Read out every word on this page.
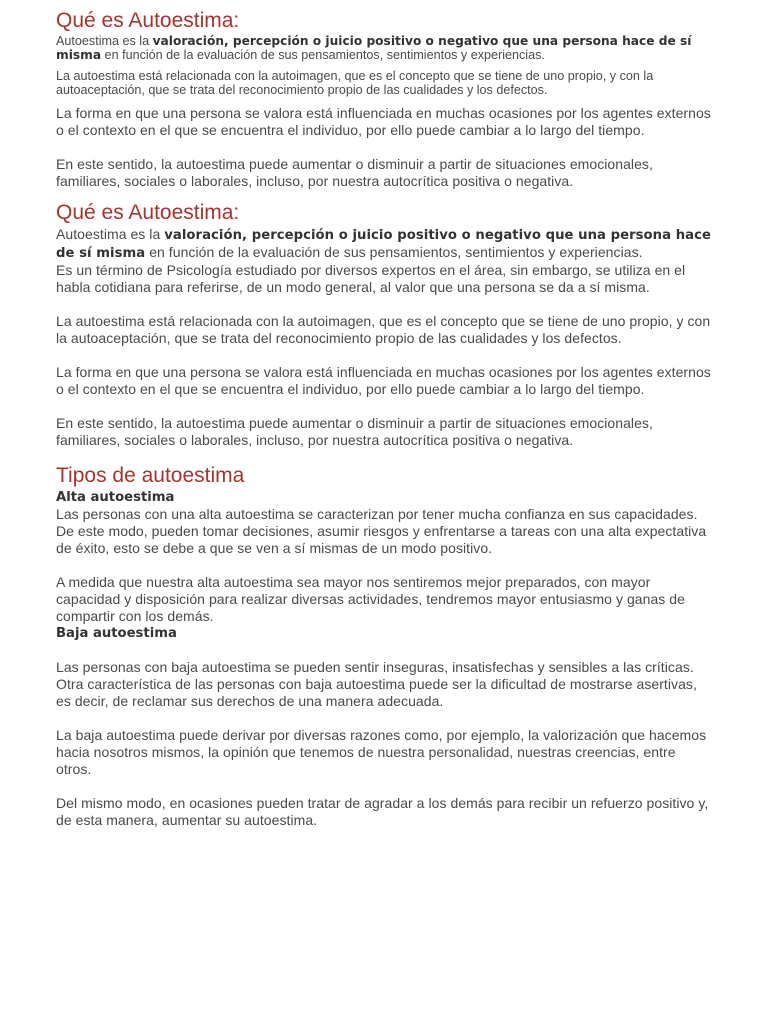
Qué es Autoestima:

Autoestima es la valoración, percepción o juicio positivo o negativo que una persona hace de sí misma en función de la evaluación de sus pensamientos, sentimientos y experiencias.

La autoestima está relacionada con la autoimagen, que es el concepto que se tiene de uno propio, y con la autoaceptación, que se trata del reconocimiento propio de las cualidades y los defectos.

La forma en que una persona se valora está influenciada en muchas ocasiones por los agentes externos o el contexto en el que se encuentra el individuo, por ello puede cambiar a lo largo del tiempo.

En este sentido, la autoestima puede aumentar o disminuir a partir de situaciones emocionales, familiares, sociales o laborales, incluso, por nuestra autocrítica positiva o negativa.

Qué es Autoestima:

Autoestima es la valoración, percepción o juicio positivo o negativo que una persona hace de sí misma en función de la evaluación de sus pensamientos, sentimientos y experiencias.

Es un término de Psicología estudiado por diversos expertos en el área, sin embargo, se utiliza en el habla cotidiana para referirse, de un modo general, al valor que una persona se da a sí misma.

La autoestima está relacionada con la autoimagen, que es el concepto que se tiene de uno propio, y con la autoaceptación, que se trata del reconocimiento propio de las cualidades y los defectos.

La forma en que una persona se valora está influenciada en muchas ocasiones por los agentes externos o el contexto en el que se encuentra el individuo, por ello puede cambiar a lo largo del tiempo.

En este sentido, la autoestima puede aumentar o disminuir a partir de situaciones emocionales, familiares, sociales o laborales, incluso, por nuestra autocrítica positiva o negativa.

Tipos de autoestima

Alta autoestima

Las personas con una alta autoestima se caracterizan por tener mucha confianza en sus capacidades. De este modo, pueden tomar decisiones, asumir riesgos y enfrentarse a tareas con una alta expectativa de éxito, esto se debe a que se ven a sí mismas de un modo positivo.

A medida que nuestra alta autoestima sea mayor nos sentiremos mejor preparados, con mayor capacidad y disposición para realizar diversas actividades, tendremos mayor entusiasmo y ganas de compartir con los demás.

Baja autoestima

Las personas con baja autoestima se pueden sentir inseguras, insatisfechas y sensibles a las críticas. Otra característica de las personas con baja autoestima puede ser la dificultad de mostrarse asertivas, es decir, de reclamar sus derechos de una manera adecuada.

La baja autoestima puede derivar por diversas razones como, por ejemplo, la valorización que hacemos hacia nosotros mismos, la opinión que tenemos de nuestra personalidad, nuestras creencias, entre otros.

Del mismo modo, en ocasiones pueden tratar de agradar a los demás para recibir un refuerzo positivo y, de esta manera, aumentar su autoestima.
